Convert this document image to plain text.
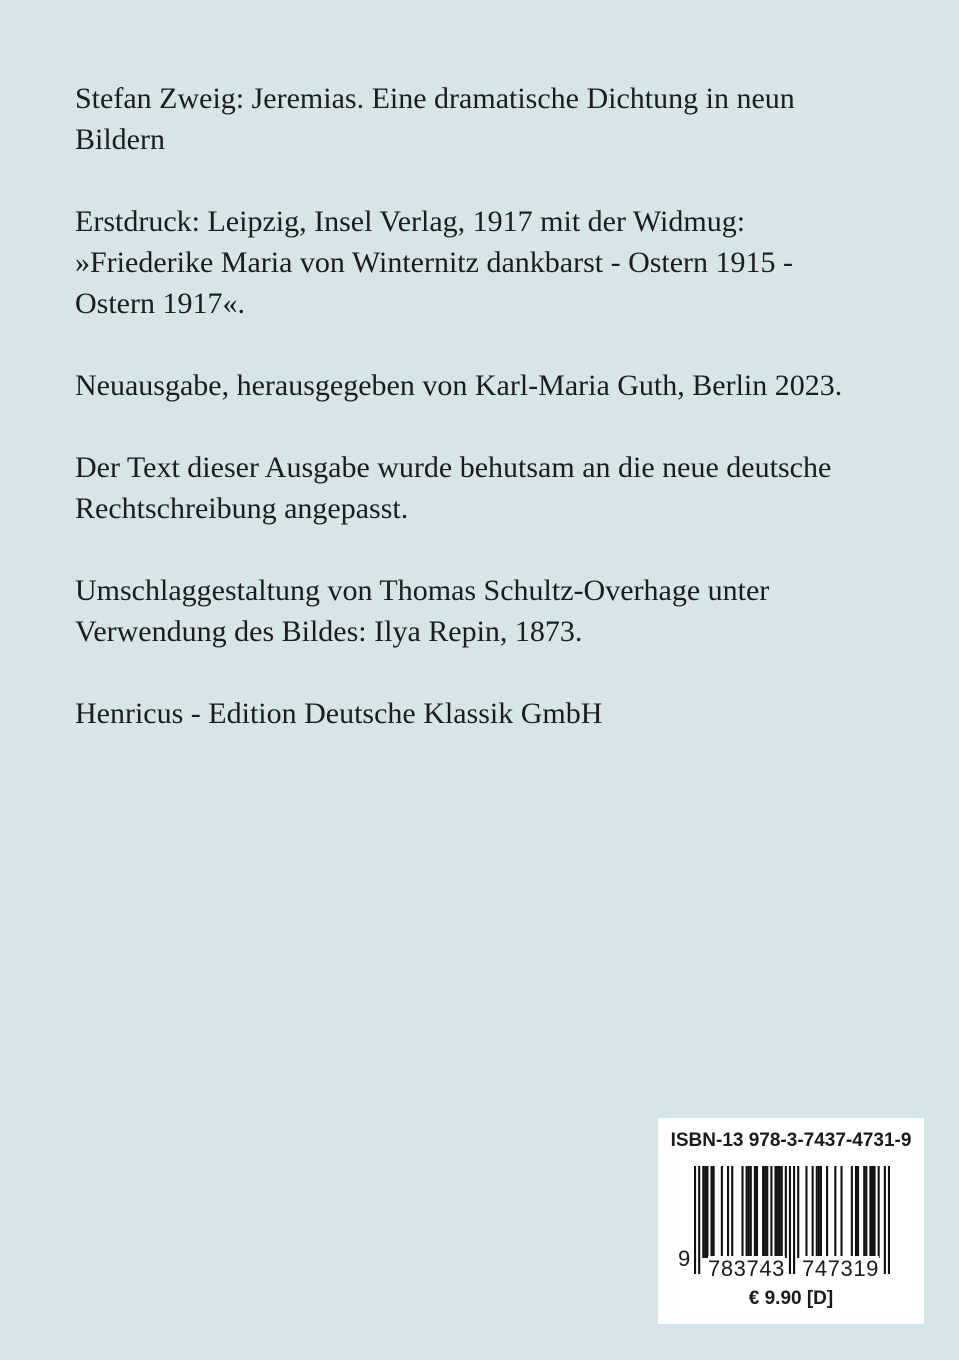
Stefan Zweig: Jeremias. Eine dramatische Dichtung in neun
Bildern

Erstdruck: Leipzig, Insel Verlag, 1917 mit der Widmug:
»Friederike Maria von Winternitz dankbarst - Ostern 1915 -
Ostern 1917«.

Neuausgabe, herausgegeben von Karl-Maria Guth, Berlin 2023.

Der Text dieser Ausgabe wurde behutsam an die neue deutsche
Rechtschreibung angepasst.

Umschlaggestaltung von Thomas Schultz-Overhage unter
Verwendung des Bildes: Ilya Repin, 1873.

Henricus - Edition Deutsche Klassik GmbH

ISBN-13 978-3-7437-4731-9
9 783743 747319
€ 9.90 [D]
